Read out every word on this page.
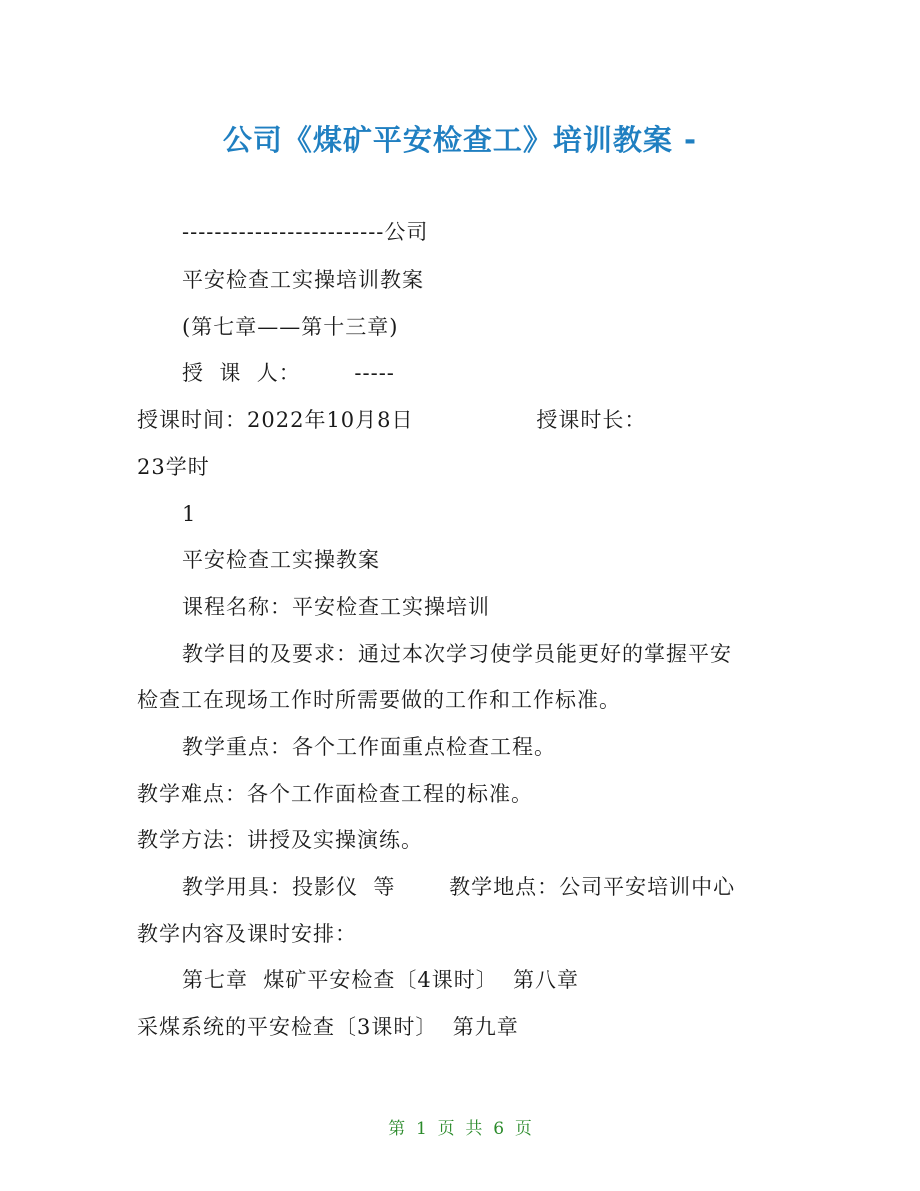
公司《煤矿平安检查工》培训教案 -

-------------------------公司

平安检查工实操培训教案

(第七章——第十三章)

授  课  人：       -----

授课时间：2022年10月8日                授课时长：

23学时

1

平安检查工实操教案

课程名称：平安检查工实操培训

教学目的及要求：通过本次学习使学员能更好的掌握平安

检查工在现场工作时所需要做的工作和工作标准。

教学重点：各个工作面重点检查工程。

教学难点：各个工作面检查工程的标准。

教学方法：讲授及实操演练。

教学用具：投影仪  等       教学地点：公司平安培训中心

教学内容及课时安排：

第七章  煤矿平安检查〔4课时〕  第八章

采煤系统的平安检查〔3课时〕  第九章

第  1  页  共  6  页
